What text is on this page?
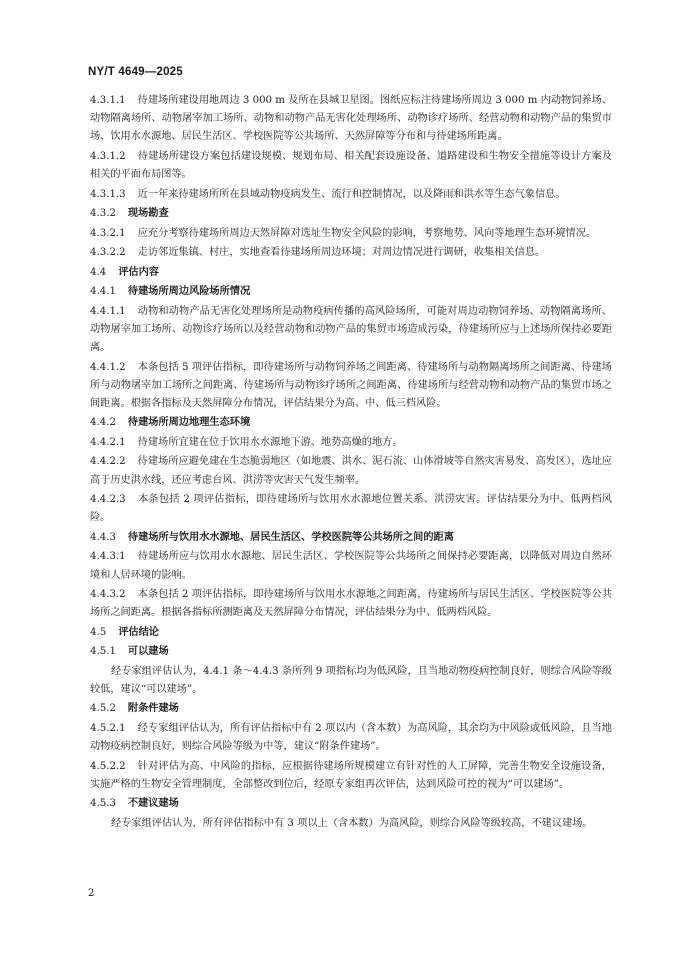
NY/T 4649—2025
4.3.1.1 待建场所建设用地周边 3 000 m 及所在县城卫星图。图纸应标注待建场所周边 3 000 m 内动物饲养场、动物隔离场所、动物屠宰加工场所、动物和动物产品无害化处理场所、动物诊疗场所、经营动物和动物产品的集贸市场、饮用水水源地、居民生活区、学校医院等公共场所、天然屏障等分布和与待建场所距离。
4.3.1.2 待建场所建设方案包括建设规模、规划布局、相关配套设施设备、道路建设和生物安全措施等设计方案及相关的平面布局图等。
4.3.1.3 近一年来待建场所所在县域动物疫病发生、流行和控制情况，以及降雨和洪水等生态气象信息。
4.3.2 现场勘查
4.3.2.1 应充分考察待建场所周边天然屏障对选址生物安全风险的影响，考察地势、风向等地理生态环境情况。
4.3.2.2 走访邻近集镇、村庄，实地查看待建场所周边环境；对周边情况进行调研，收集相关信息。
4.4 评估内容
4.4.1 待建场所周边风险场所情况
4.4.1.1 动物和动物产品无害化处理场所是动物疫病传播的高风险场所，可能对周边动物饲养场、动物隔离场所、动物屠宰加工场所、动物诊疗场所以及经营动物和动物产品的集贸市场造成污染，待建场所应与上述场所保持必要距离。
4.4.1.2 本条包括 5 项评估指标，即待建场所与动物饲养场之间距离、待建场所与动物隔离场所之间距离、待建场所与动物屠宰加工场所之间距离、待建场所与动物诊疗场所之间距离、待建场所与经营动物和动物产品的集贸市场之间距离。根据各指标及天然屏障分布情况，评估结果分为高、中、低三档风险。
4.4.2 待建场所周边地理生态环境
4.4.2.1 待建场所宜建在位于饮用水水源地下游、地势高燥的地方。
4.4.2.2 待建场所应避免建在生态脆弱地区（如地震、洪水、泥石流、山体滑坡等自然灾害易发、高发区），选址应高于历史洪水线，还应考虑台风、洪涝等灾害天气发生频率。
4.4.2.3 本条包括 2 项评估指标，即待建场所与饮用水水源地位置关系、洪涝灾害。评估结果分为中、低两档风险。
4.4.3 待建场所与饮用水水源地、居民生活区、学校医院等公共场所之间的距离
4.4.3.1 待建场所应与饮用水水源地、居民生活区、学校医院等公共场所之间保持必要距离，以降低对周边自然环境和人居环境的影响。
4.4.3.2 本条包括 2 项评估指标，即待建场所与饮用水水源地之间距离，待建场所与居民生活区、学校医院等公共场所之间距离。根据各指标所测距离及天然屏障分布情况，评估结果分为中、低两档风险。
4.5 评估结论
4.5.1 可以建场
经专家组评估认为，4.4.1 条～4.4.3 条所列 9 项指标均为低风险，且当地动物疫病控制良好，则综合风险等级较低，建议“可以建场”。
4.5.2 附条件建场
4.5.2.1 经专家组评估认为，所有评估指标中有 2 项以内（含本数）为高风险，其余均为中风险或低风险，且当地动物疫病控制良好，则综合风险等级为中等，建议“附条件建场”。
4.5.2.2 针对评估为高、中风险的指标，应根据待建场所规模建立有针对性的人工屏障，完善生物安全设施设备，实施严格的生物安全管理制度，全部整改到位后，经原专家组再次评估，达到风险可控的视为“可以建场”。
4.5.3 不建议建场
经专家组评估认为，所有评估指标中有 3 项以上（含本数）为高风险，则综合风险等级较高，不建议建场。
2
